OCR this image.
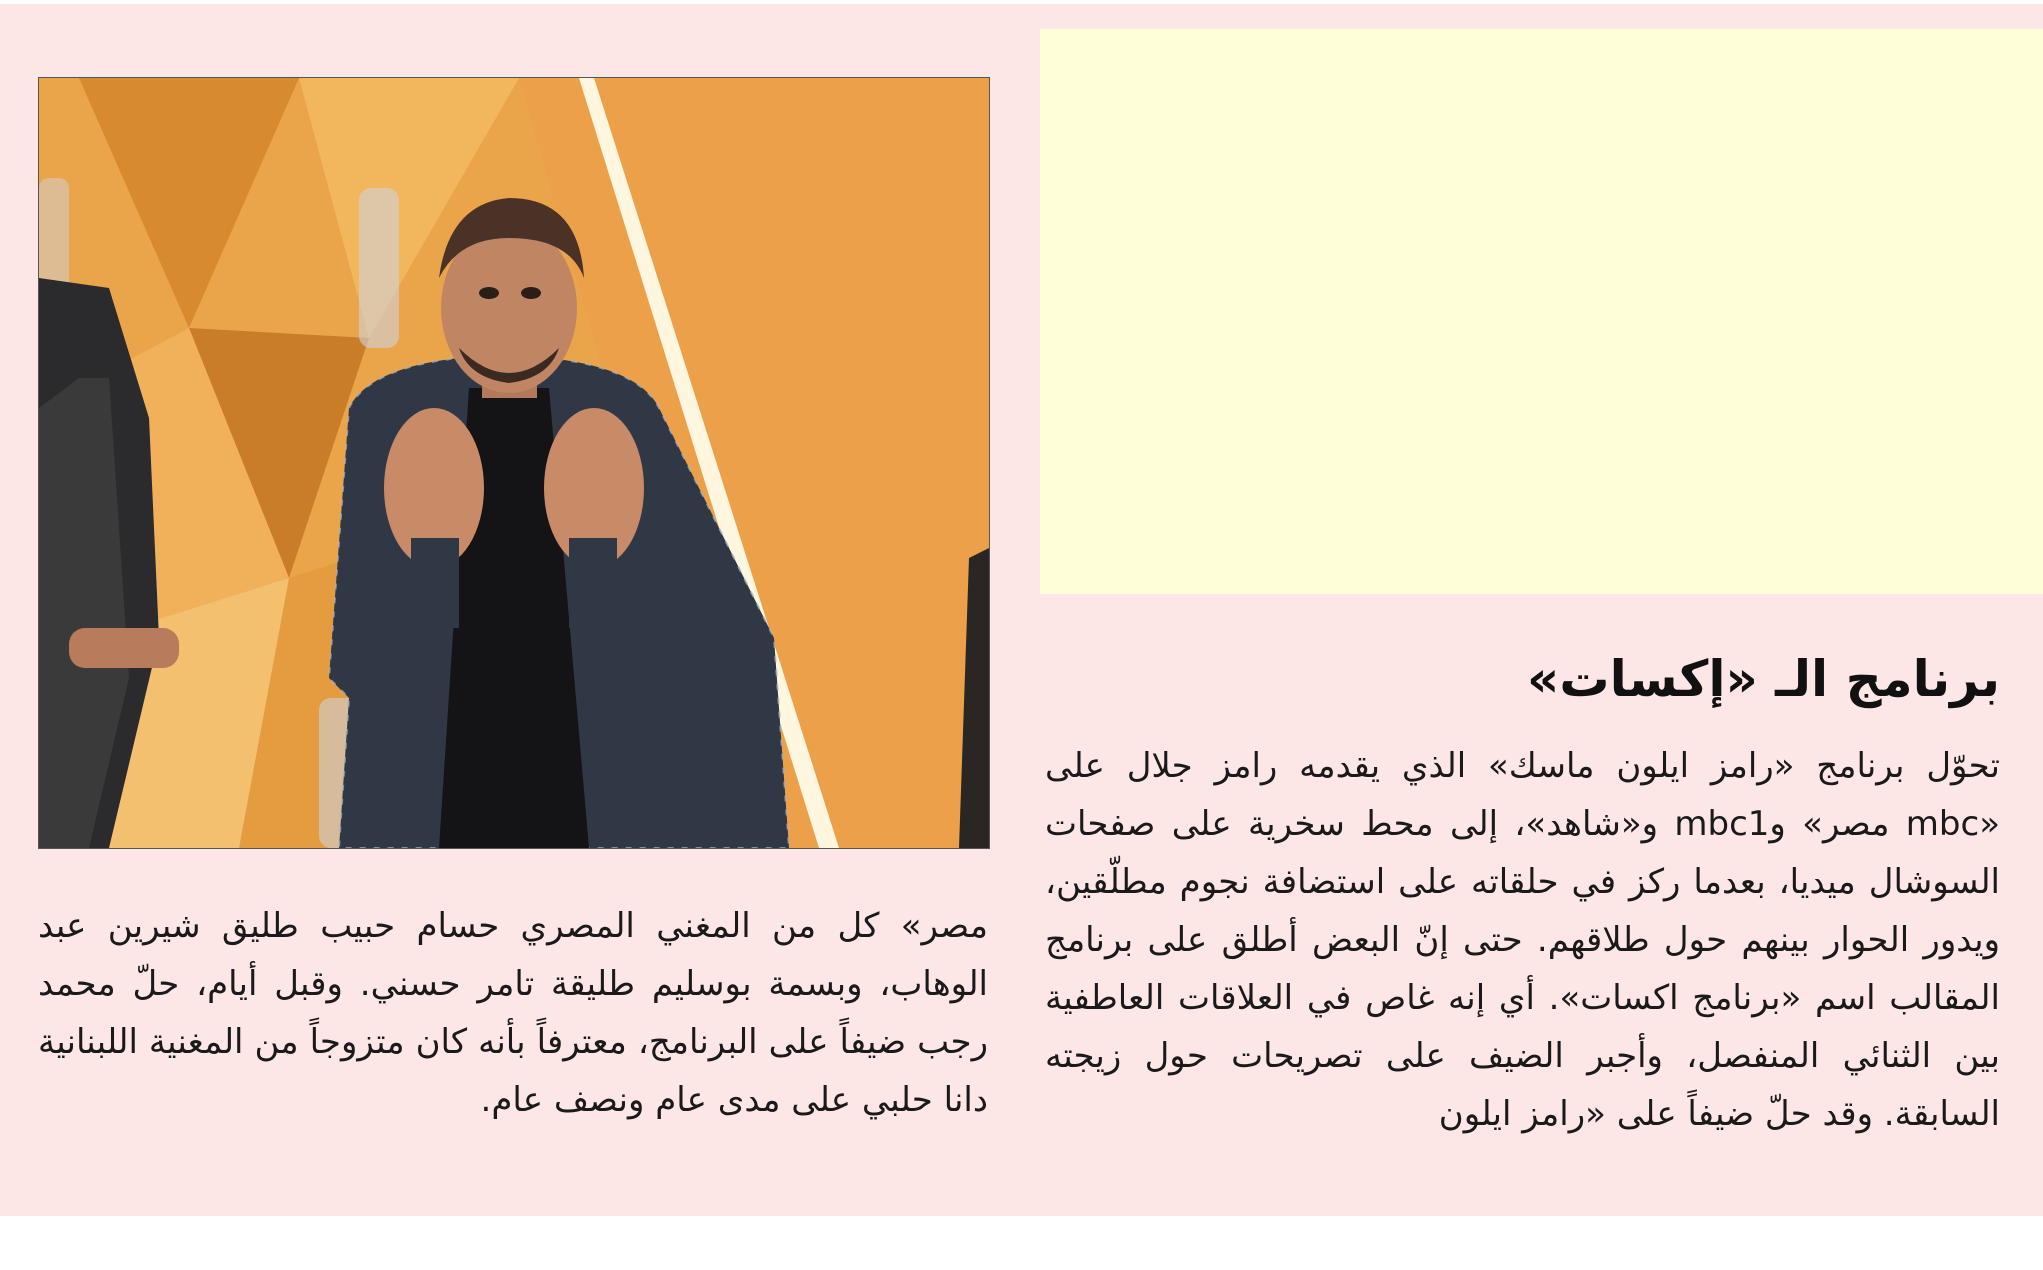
برنامج الـ «إكسات»

تحوّل برنامج «رامز ايلون ماسك» الذي يقدمه رامز جلال على «mbc مصر» وmbc1 و«شاهد»، إلى محط سخرية على صفحات السوشال ميديا، بعدما ركز في حلقاته على استضافة نجوم مطلّقين، ويدور الحوار بينهم حول طلاقهم. حتى إنّ البعض أطلق على برنامج المقالب اسم «برنامج اكسات». أي إنه غاص في العلاقات العاطفية بين الثنائي المنفصل، وأجبر الضيف على تصريحات حول زيجته السابقة. وقد حلّ ضيفاً على «رامز ايلون

مصر» كل من المغني المصري حسام حبيب طليق شيرين عبد الوهاب، وبسمة بوسليم طليقة تامر حسني. وقبل أيام، حلّ محمد رجب ضيفاً على البرنامج، معترفاً بأنه كان متزوجاً من المغنية اللبنانية دانا حلبي على مدى عام ونصف عام.
